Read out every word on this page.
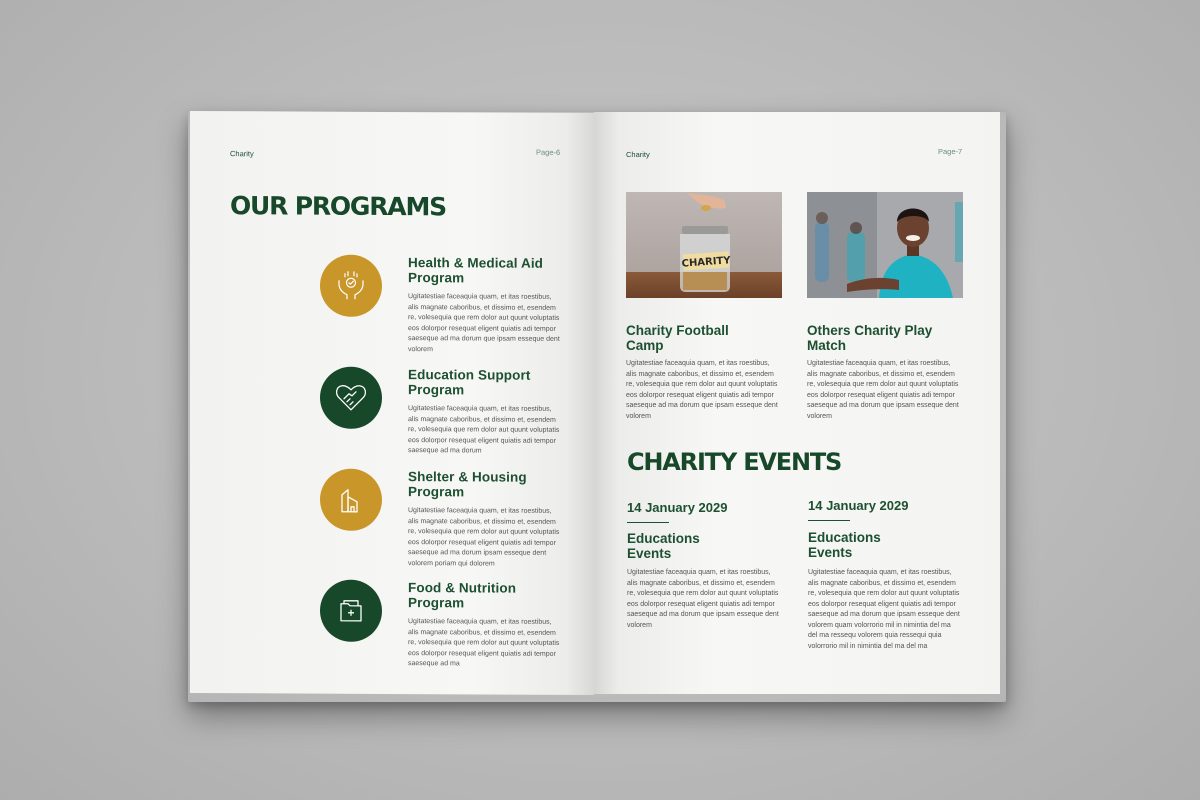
Charity	Page-6
OUR PROGRAMS
Health & Medical Aid Program
Ugitatestiae faceaquia quam, et itas roestibus, alis magnate caboribus, et dissimo et, esendem re, volesequia que rem dolor aut quunt voluptatis eos dolorpor resequat eligent quiatis adi tempor saeseque ad ma dorum que ipsam esseque dent volorem
Education Support Program
Ugitatestiae faceaquia quam, et itas roestibus, alis magnate caboribus, et dissimo et, esendem re, volesequia que rem dolor aut quunt voluptatis eos dolorpor resequat eligent quiatis adi tempor saeseque ad ma dorum
Shelter & Housing Program
Ugitatestiae faceaquia quam, et itas roestibus, alis magnate caboribus, et dissimo et, esendem re, volesequia que rem dolor aut quunt voluptatis eos dolorpor resequat eligent quiatis adi tempor saeseque ad ma dorum ipsam esseque dent volorem poriam qui dolorem
Food & Nutrition Program
Ugitatestiae faceaquia quam, et itas roestibus, alis magnate caboribus, et dissimo et, esendem re, volesequia que rem dolor aut quunt voluptatis eos dolorpor resequat eligent quiatis adi tempor saeseque ad ma
Charity	Page-7
CHARITY
Charity Football Camp
Ugitatestiae faceaquia quam, et itas roestibus, alis magnate caboribus, et dissimo et, esendem re, volesequia que rem dolor aut quunt voluptatis eos dolorpor resequat eligent quiatis adi tempor saeseque ad ma dorum que ipsam esseque dent volorem
Others Charity Play Match
Ugitatestiae faceaquia quam, et itas roestibus, alis magnate caboribus, et dissimo et, esendem re, volesequia que rem dolor aut quunt voluptatis eos dolorpor resequat eligent quiatis adi tempor saeseque ad ma dorum que ipsam esseque dent volorem
CHARITY EVENTS
14 January 2029
Educations Events
Ugitatestiae faceaquia quam, et itas roestibus, alis magnate caboribus, et dissimo et, esendem re, volesequia que rem dolor aut quunt voluptatis eos dolorpor resequat eligent quiatis adi tempor saeseque ad ma dorum que ipsam esseque dent volorem
14 January 2029
Educations Events
Ugitatestiae faceaquia quam, et itas roestibus, alis magnate caboribus, et dissimo et, esendem re, volesequia que rem dolor aut quunt voluptatis eos dolorpor resequat eligent quiatis adi tempor saeseque ad ma dorum que ipsam esseque dent volorem quam volorrorio mil in nimintia del ma del ma ressequ volorem quia ressequi quia volorrorio mil in nimintia del ma del ma
